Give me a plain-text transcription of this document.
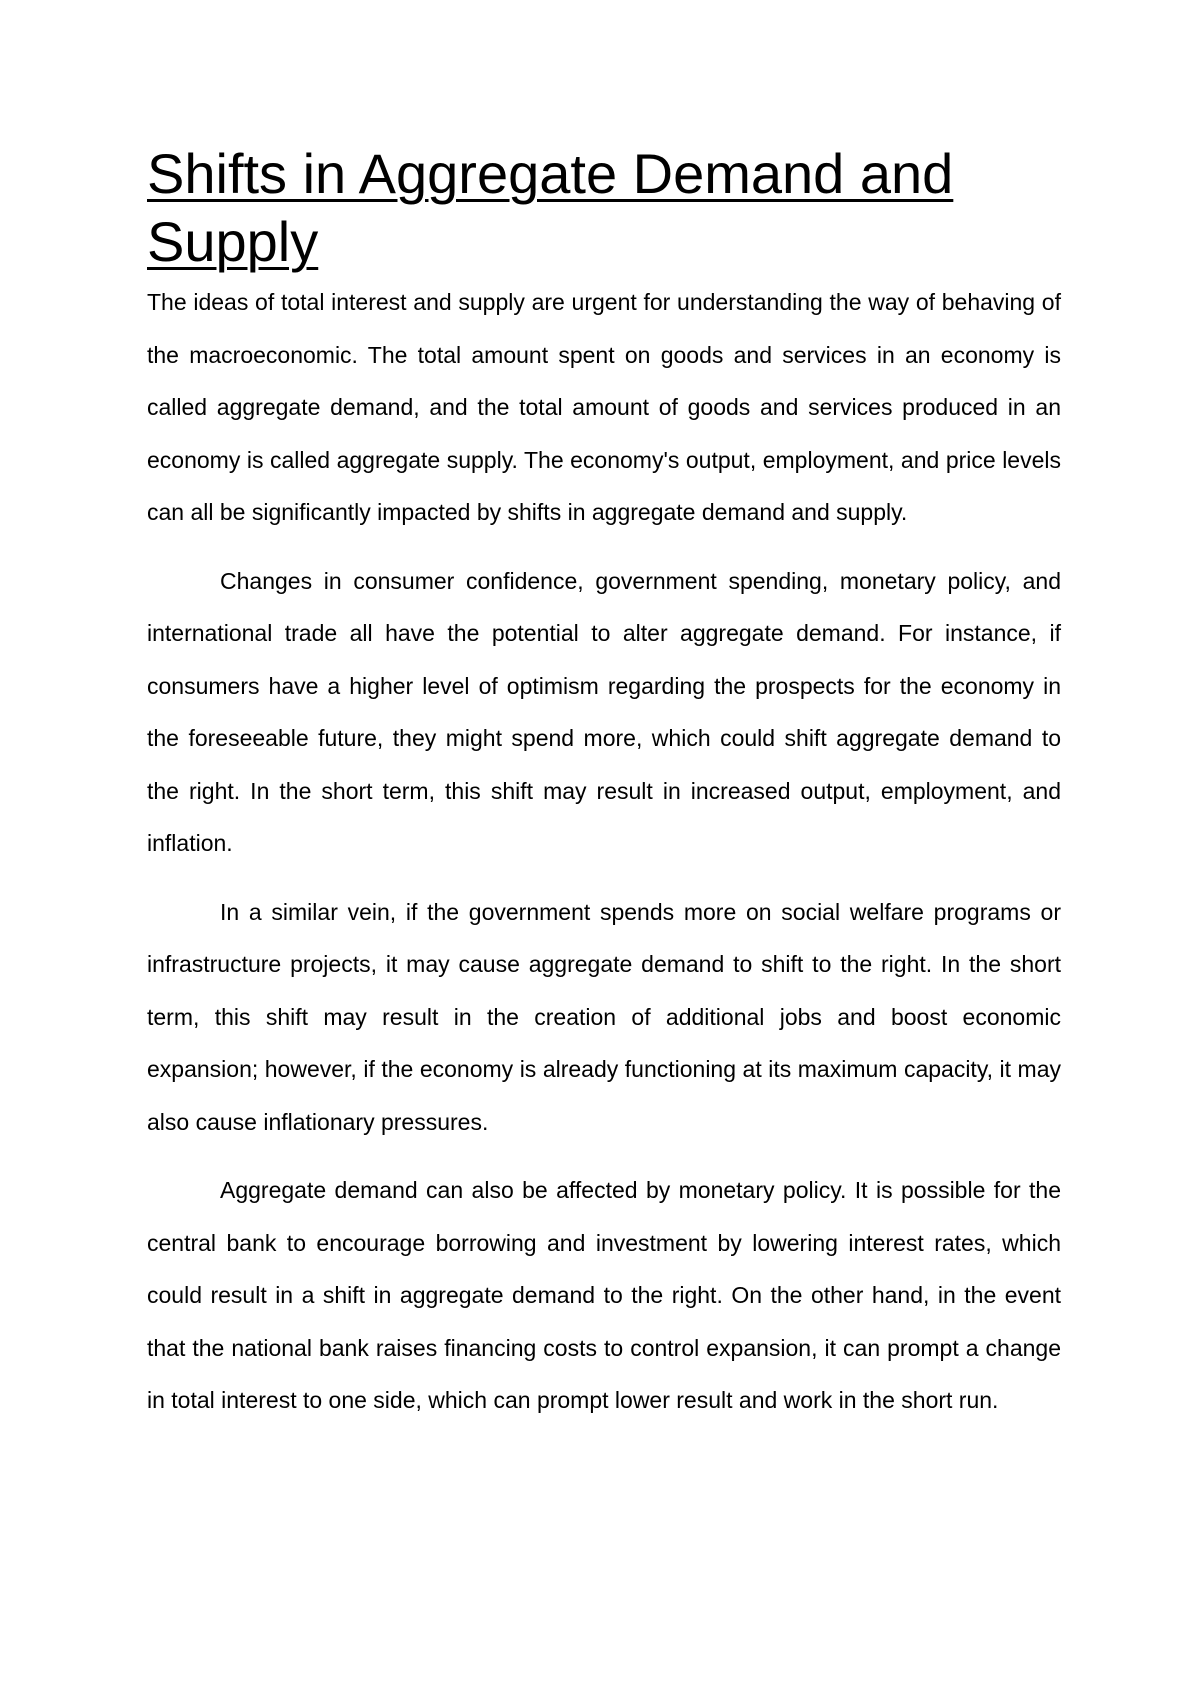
Shifts in Aggregate Demand and Supply

The ideas of total interest and supply are urgent for understanding the way of behaving of the macroeconomic. The total amount spent on goods and services in an economy is called aggregate demand, and the total amount of goods and services produced in an economy is called aggregate supply. The economy's output, employment, and price levels can all be significantly impacted by shifts in aggregate demand and supply.

Changes in consumer confidence, government spending, monetary policy, and international trade all have the potential to alter aggregate demand. For instance, if consumers have a higher level of optimism regarding the prospects for the economy in the foreseeable future, they might spend more, which could shift aggregate demand to the right. In the short term, this shift may result in increased output, employment, and inflation.

In a similar vein, if the government spends more on social welfare programs or infrastructure projects, it may cause aggregate demand to shift to the right. In the short term, this shift may result in the creation of additional jobs and boost economic expansion; however, if the economy is already functioning at its maximum capacity, it may also cause inflationary pressures.

Aggregate demand can also be affected by monetary policy. It is possible for the central bank to encourage borrowing and investment by lowering interest rates, which could result in a shift in aggregate demand to the right. On the other hand, in the event that the national bank raises financing costs to control expansion, it can prompt a change in total interest to one side, which can prompt lower result and work in the short run.
